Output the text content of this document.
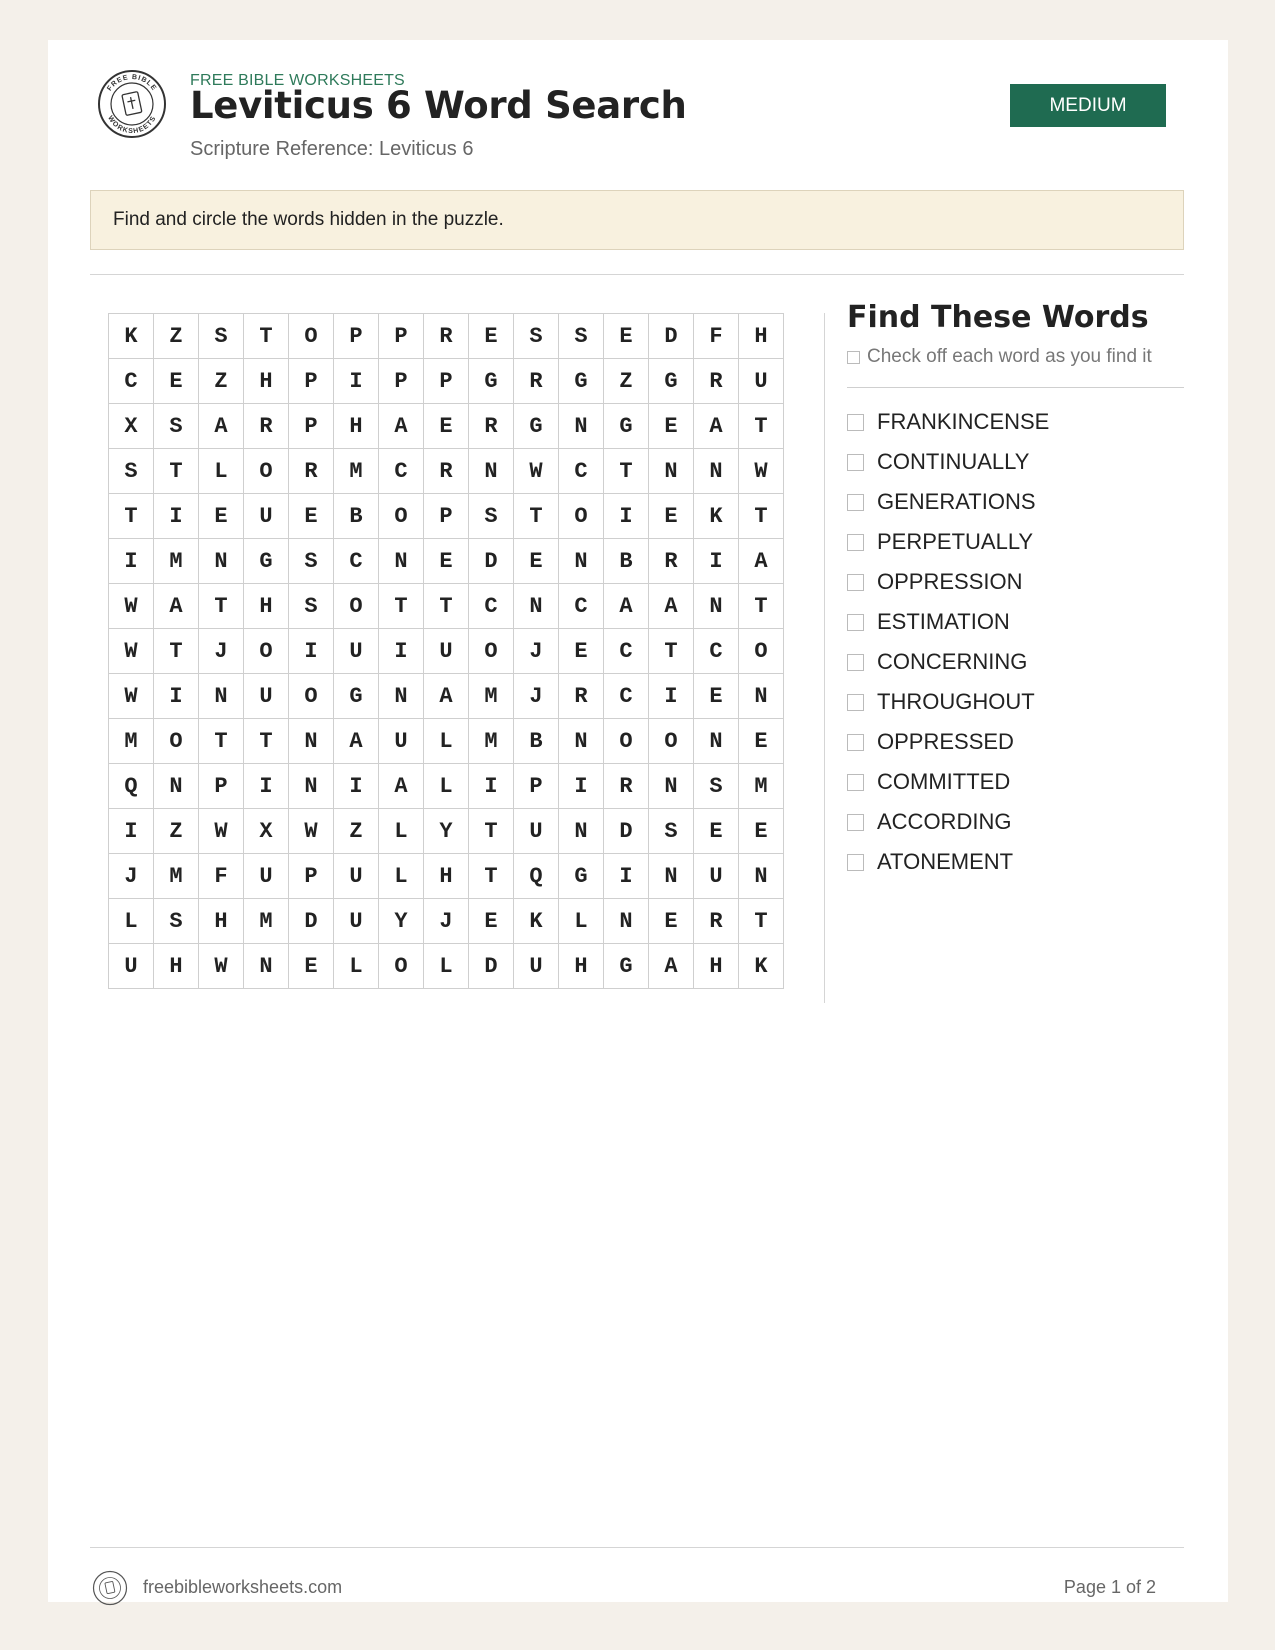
FREE BIBLE
WORKSHEETS
FREE BIBLE WORKSHEETS
Leviticus 6 Word Search
Scripture Reference: Leviticus 6
MEDIUM
Find and circle the words hidden in the puzzle.
K	Z	S	T	O	P	P	R	E	S	S	E	D	F	H
C	E	Z	H	P	I	P	P	G	R	G	Z	G	R	U
X	S	A	R	P	H	A	E	R	G	N	G	E	A	T
S	T	L	O	R	M	C	R	N	W	C	T	N	N	W
T	I	E	U	E	B	O	P	S	T	O	I	E	K	T
I	M	N	G	S	C	N	E	D	E	N	B	R	I	A
W	A	T	H	S	O	T	T	C	N	C	A	A	N	T
W	T	J	O	I	U	I	U	O	J	E	C	T	C	O
W	I	N	U	O	G	N	A	M	J	R	C	I	E	N
M	O	T	T	N	A	U	L	M	B	N	O	O	N	E
Q	N	P	I	N	I	A	L	I	P	I	R	N	S	M
I	Z	W	X	W	Z	L	Y	T	U	N	D	S	E	E
J	M	F	U	P	U	L	H	T	Q	G	I	N	U	N
L	S	H	M	D	U	Y	J	E	K	L	N	E	R	T
U	H	W	N	E	L	O	L	D	U	H	G	A	H	K
Find These Words
Check off each word as you find it
FRANKINCENSE
CONTINUALLY
GENERATIONS
PERPETUALLY
OPPRESSION
ESTIMATION
CONCERNING
THROUGHOUT
OPPRESSED
COMMITTED
ACCORDING
ATONEMENT
freebibleworksheets.com	Page 1 of 2
